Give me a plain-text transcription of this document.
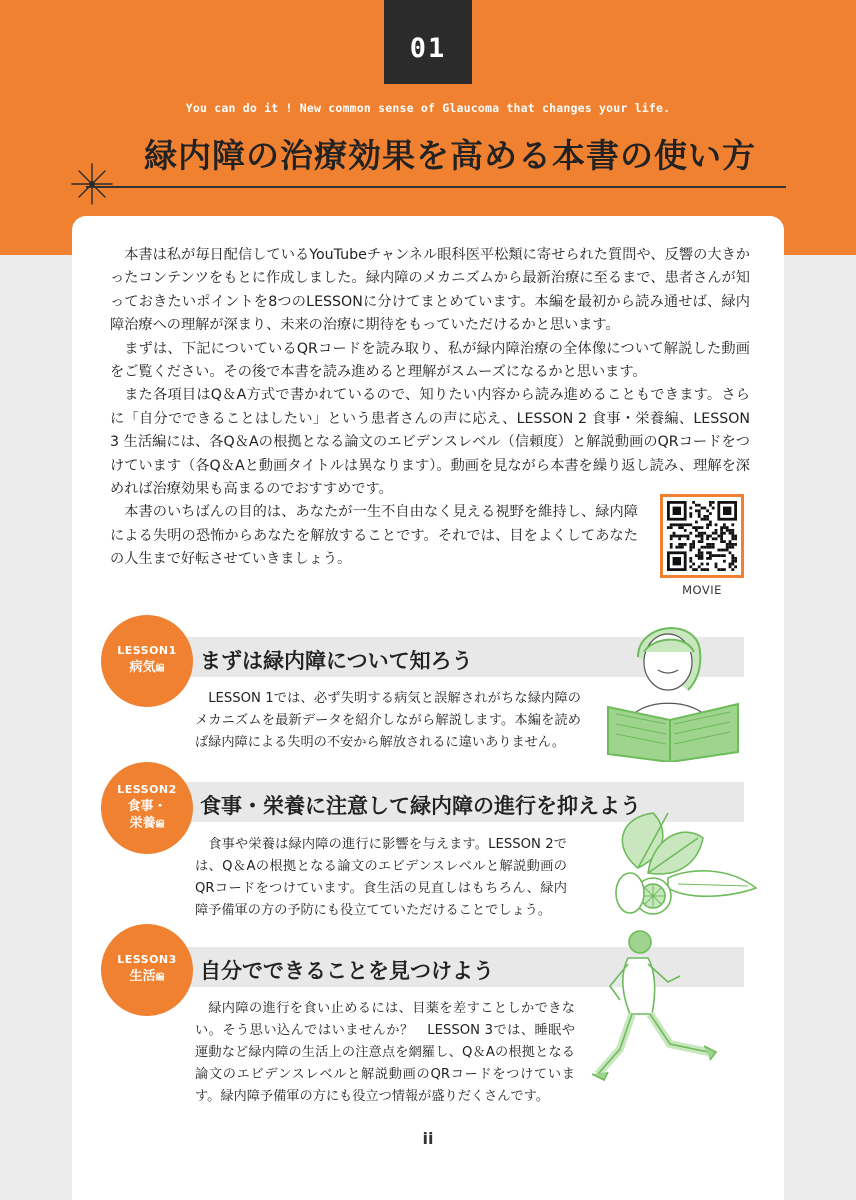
01
You can do it ! New common sense of Glaucoma that changes your life.
緑内障の治療効果を高める本書の使い方

本書は私が毎日配信しているYouTubeチャンネル眼科医平松類に寄せられた質問や、反響の大きかったコンテンツをもとに作成しました。緑内障のメカニズムから最新治療に至るまで、患者さんが知っておきたいポイントを8つのLESSONに分けてまとめています。本編を最初から読み通せば、緑内障治療への理解が深まり、未来の治療に期待をもっていただけるかと思います。

まずは、下記についているQRコードを読み取り、私が緑内障治療の全体像について解説した動画をご覧ください。その後で本書を読み進めると理解がスムーズになるかと思います。

また各項目はQ＆A方式で書かれているので、知りたい内容から読み進めることもできます。さらに「自分でできることはしたい」という患者さんの声に応え、LESSON 2 食事・栄養編、LESSON 3 生活編には、各Q＆Aの根拠となる論文のエビデンスレベル（信頼度）と解説動画のQRコードをつけています（各Q＆Aと動画タイトルは異なります）。動画を見ながら本書を繰り返し読み、理解を深めれば治療効果も高まるのでおすすめです。

本書のいちばんの目的は、あなたが一生不自由なく見える視野を維持し、緑内障による失明の恐怖からあなたを解放することです。それでは、目をよくしてあなたの人生まで好転させていきましょう。

MOVIE
LESSON1
病気編 まずは緑内障について知ろう
LESSON 1では、必ず失明する病気と誤解されがちな緑内障のメカニズムを最新データを紹介しながら解説します。本編を読めば緑内障による失明の不安から解放されるに違いありません。
LESSON2
食事・
栄養編
食事・栄養に注意して緑内障の進行を抑えよう
食事や栄養は緑内障の進行に影響を与えます。LESSON 2では、Q＆Aの根拠となる論文のエビデンスレベルと解説動画のQRコードをつけています。食生活の見直しはもちろん、緑内障予備軍の方の予防にも役立てていただけることでしょう。
LESSON3
生活編 自分でできることを見つけよう
緑内障の進行を食い止めるには、目薬を差すことしかできない。そう思い込んではいませんか？　LESSON 3では、睡眠や運動など緑内障の生活上の注意点を網羅し、Q＆Aの根拠となる論文のエビデンスレベルと解説動画のQRコードをつけています。緑内障予備軍の方にも役立つ情報が盛りだくさんです。
ii
